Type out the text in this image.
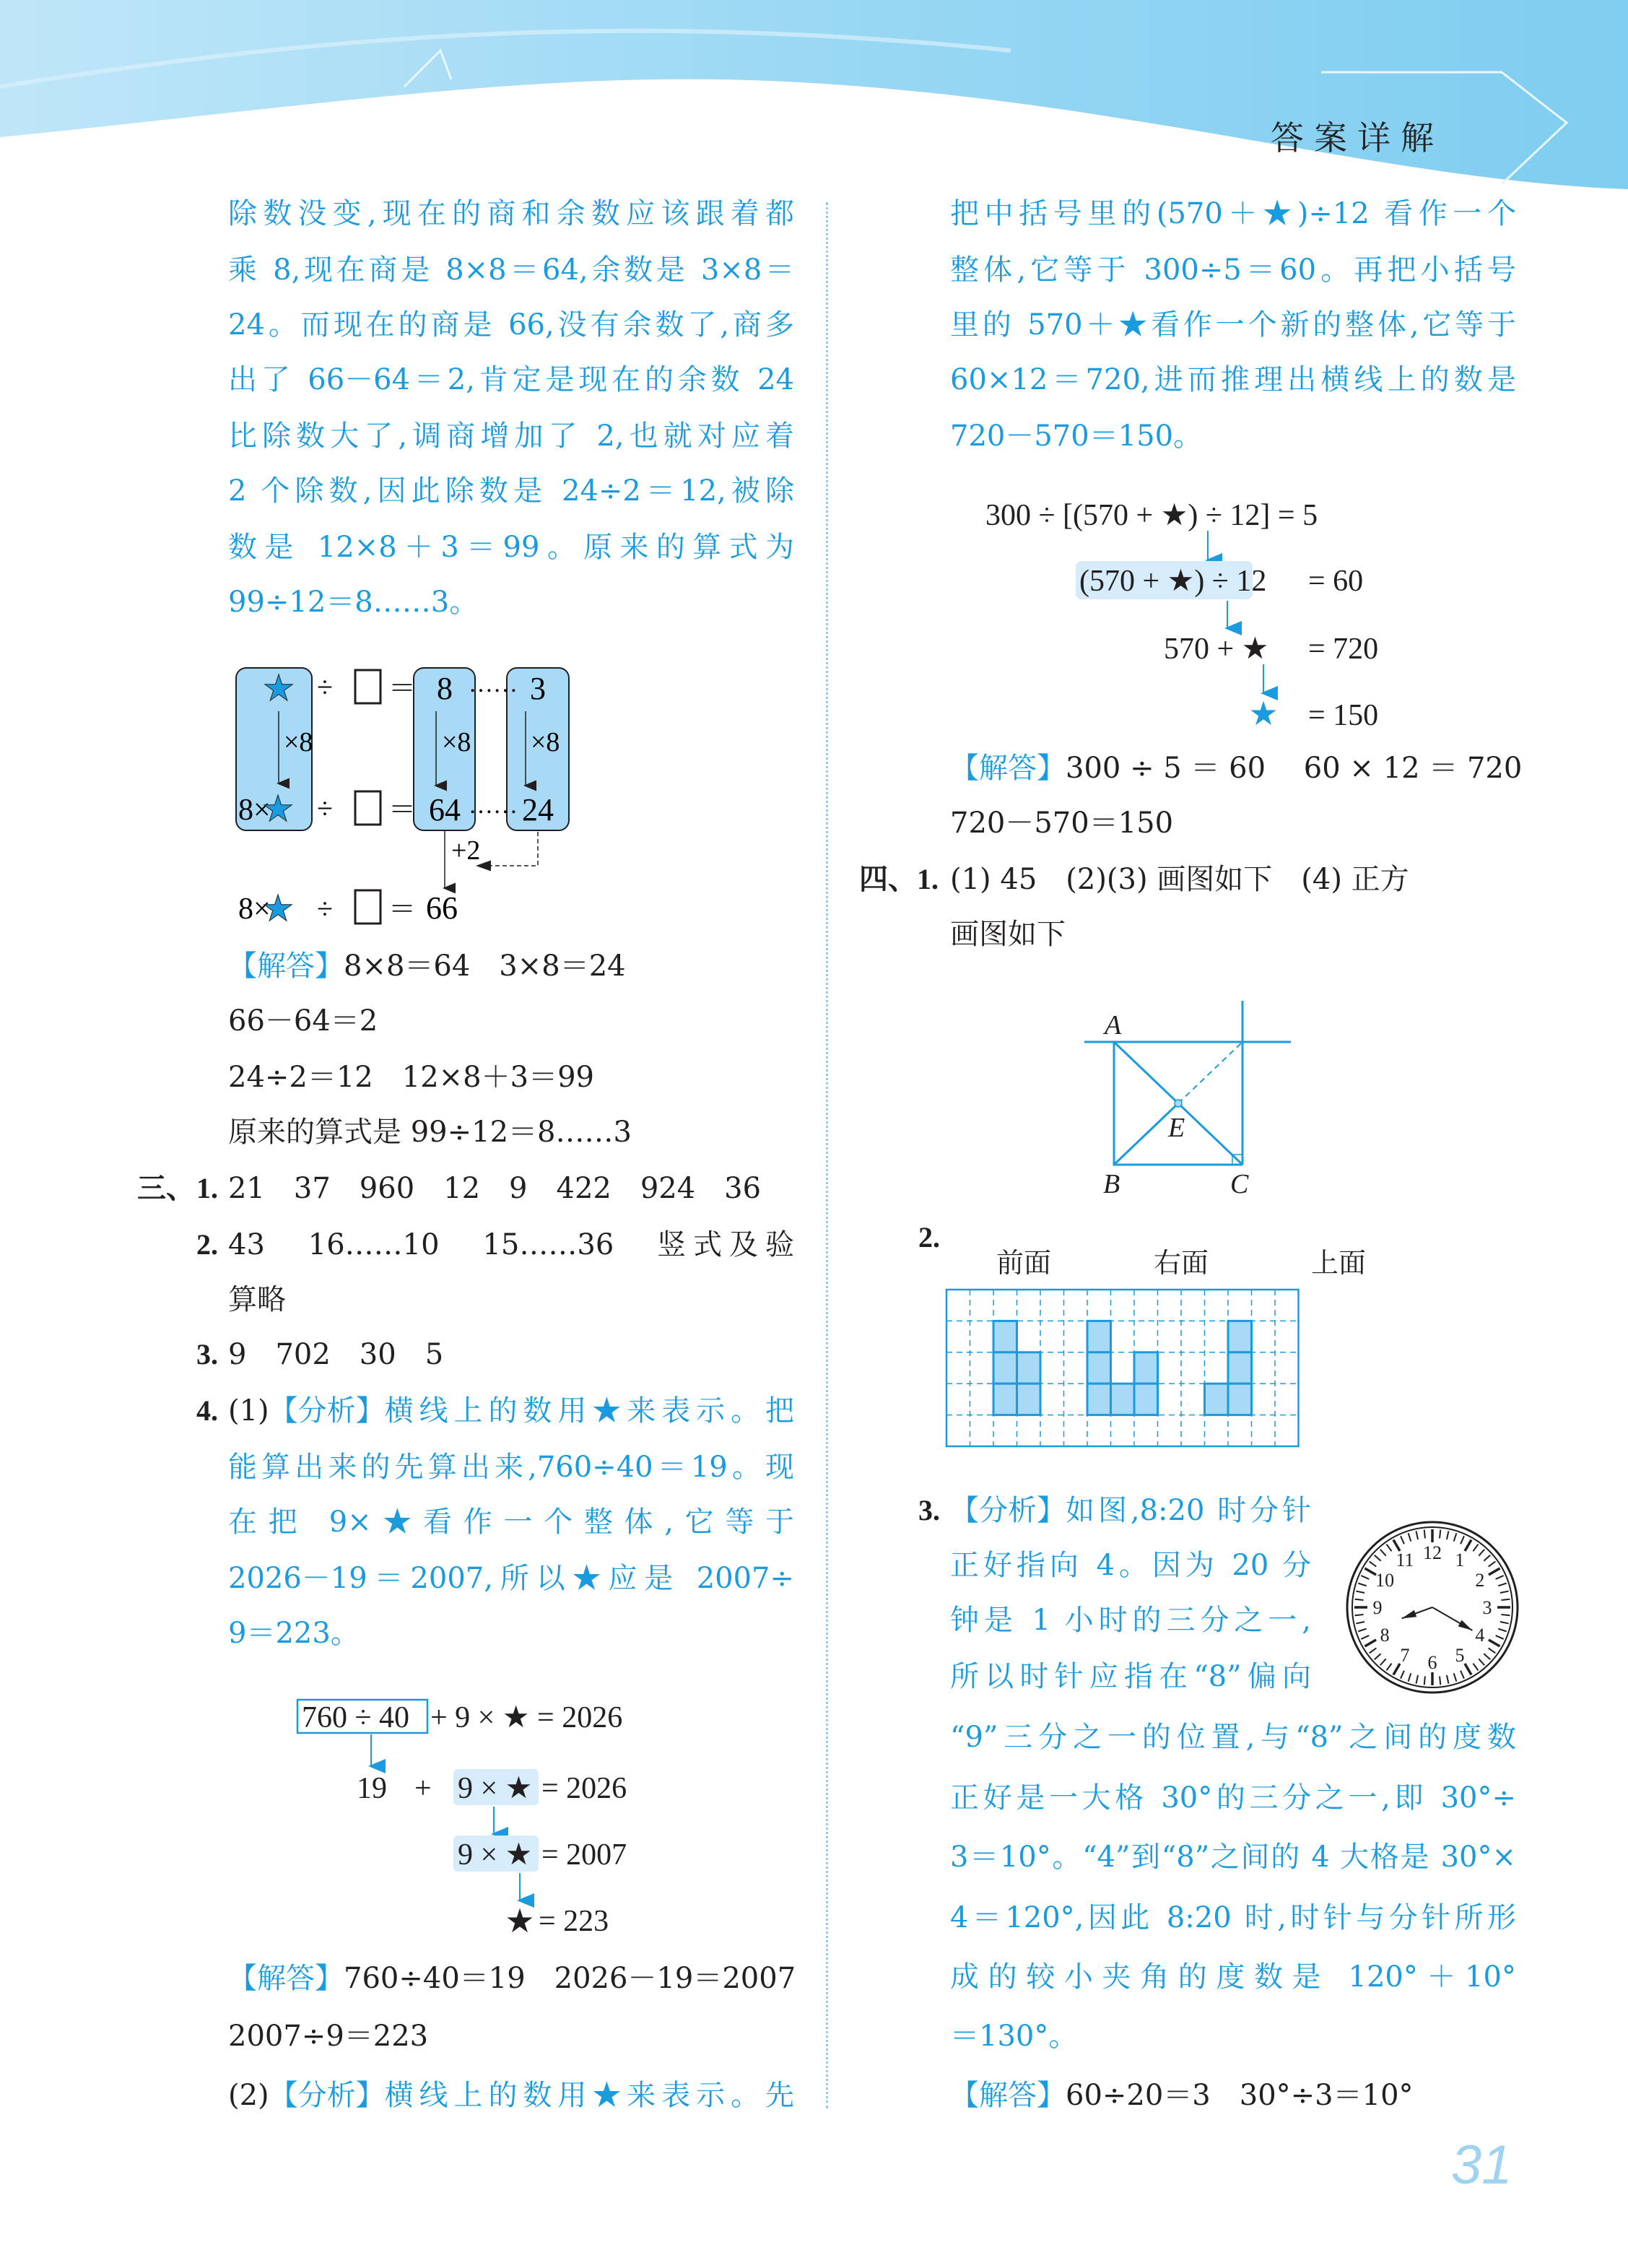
答案详解
除数没变,现在的商和余数应该跟着都
乘 8,现在商是 8×8＝64,余数是 3×8＝
24。而现在的商是 66,没有余数了,商多
出了 66－64＝2,肯定是现在的余数 24
比除数大了,调商增加了 2,也就对应着
2 个除数,因此除数是 24÷2＝12,被除
数是 12×8＋3＝99。原来的算式为
99÷12＝8……3。
★
×8
8×
★
÷
÷
÷
＝
＝
＝
8
×8
64
……
……
3
×8
24
+2
8×
★	66
【解答】8×8＝64　3×8＝24
66－64＝2
24÷2＝12　12×8＋3＝99
原来的算式是 99÷12＝8……3
三、 1. 21　37　960　12　9　422　924　36
2. 43　16……10　15……36　竖式及验
算略
3. 9　702　30　5
4. (1) 【分析】 横线上的数用★来表示。把
能算出来的先算出来,760÷40＝19。现
在把 9×★看作一个整体,它等于
2026－19＝2007,所以★应是 2007÷
9＝223。
760 ÷ 40 + 9 × ★ = 2026
19 + 9 × ★ = 2026
9 × ★ = 2007
★ = 223
【解答】760÷40＝19　2026－19＝2007
2007÷9＝223
(2) 【分析】 横线上的数用★来表示。先
把中括号里的(570＋★)÷12 看作一个
整体,它等于 300÷5＝60。再把小括号
里的 570＋★看作一个新的整体,它等于
60×12＝720,进而推理出横线上的数是
720－570＝150。
300 ÷ [(570 + ★) ÷ 12] = 5
(570 + ★) ÷ 12 = 60
570 + ★ = 720
★ = 150
【解答】300 ÷ 5 ＝ 60　 60 × 12 ＝ 720
720－570＝150
四、1. (1) 45　(2)(3) 画图如下　(4) 正方
画图如下
A
B	C
E
2.
前面	右面	上面
3. 【分析】 如图,8:20 时分针
正好指向 4。因为 20 分
钟是 1 小时的三分之一,
所以时针应指在“8”偏向
“9”三分之一的位置,与“8”之间的度数
正好是一大格 30°的三分之一,即 30°÷
3＝10°。“4”到“8”之间的 4 大格是 30°×
4＝120°,因此 8:20 时,时针与分针所形
成的较小夹角的度数是 120°＋10°
＝130°。
【解答】60÷20＝3　30°÷3＝10°
12 1
2
3
4
5
6
7
8
9
10
11
31
